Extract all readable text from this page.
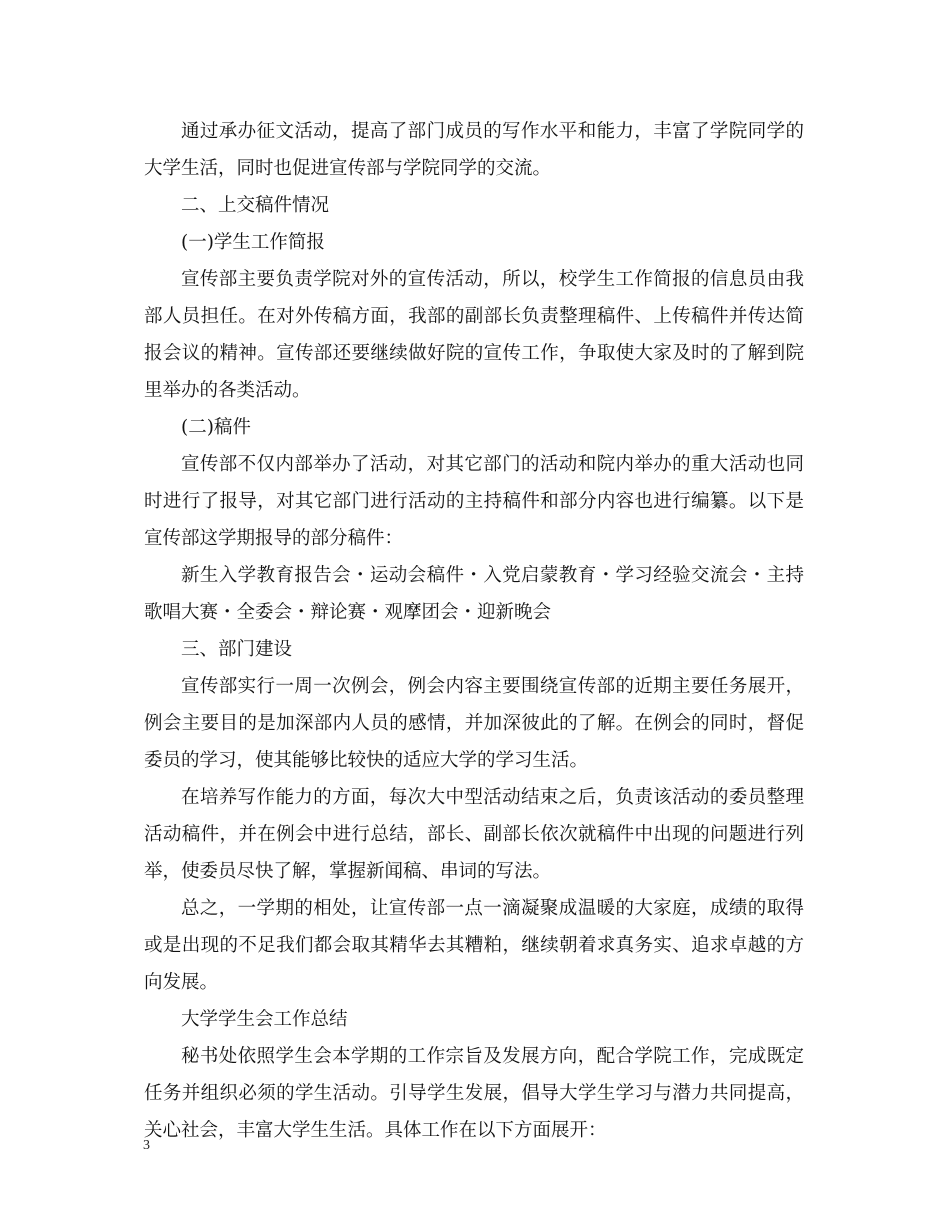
通过承办征文活动，提高了部门成员的写作水平和能力，丰富了学院同学的大学生活，同时也促进宣传部与学院同学的交流。

二、上交稿件情况

(一)学生工作简报

宣传部主要负责学院对外的宣传活动，所以，校学生工作简报的信息员由我部人员担任。在对外传稿方面，我部的副部长负责整理稿件、上传稿件并传达简报会议的精神。宣传部还要继续做好院的宣传工作，争取使大家及时的了解到院里举办的各类活动。

(二)稿件

宣传部不仅内部举办了活动，对其它部门的活动和院内举办的重大活动也同时进行了报导，对其它部门进行活动的主持稿件和部分内容也进行编纂。以下是宣传部这学期报导的部分稿件：

新生入学教育报告会・运动会稿件・入党启蒙教育・学习经验交流会・主持歌唱大赛・全委会・辩论赛・观摩团会・迎新晚会

三、部门建设

宣传部实行一周一次例会，例会内容主要围绕宣传部的近期主要任务展开，例会主要目的是加深部内人员的感情，并加深彼此的了解。在例会的同时，督促委员的学习，使其能够比较快的适应大学的学习生活。

在培养写作能力的方面，每次大中型活动结束之后，负责该活动的委员整理活动稿件，并在例会中进行总结，部长、副部长依次就稿件中出现的问题进行列举，使委员尽快了解，掌握新闻稿、串词的写法。

总之，一学期的相处，让宣传部一点一滴凝聚成温暖的大家庭，成绩的取得或是出现的不足我们都会取其精华去其糟粕，继续朝着求真务实、追求卓越的方向发展。

大学学生会工作总结

秘书处依照学生会本学期的工作宗旨及发展方向，配合学院工作，完成既定任务并组织必须的学生活动。引导学生发展，倡导大学生学习与潜力共同提高，关心社会，丰富大学生生活。具体工作在以下方面展开：

3
